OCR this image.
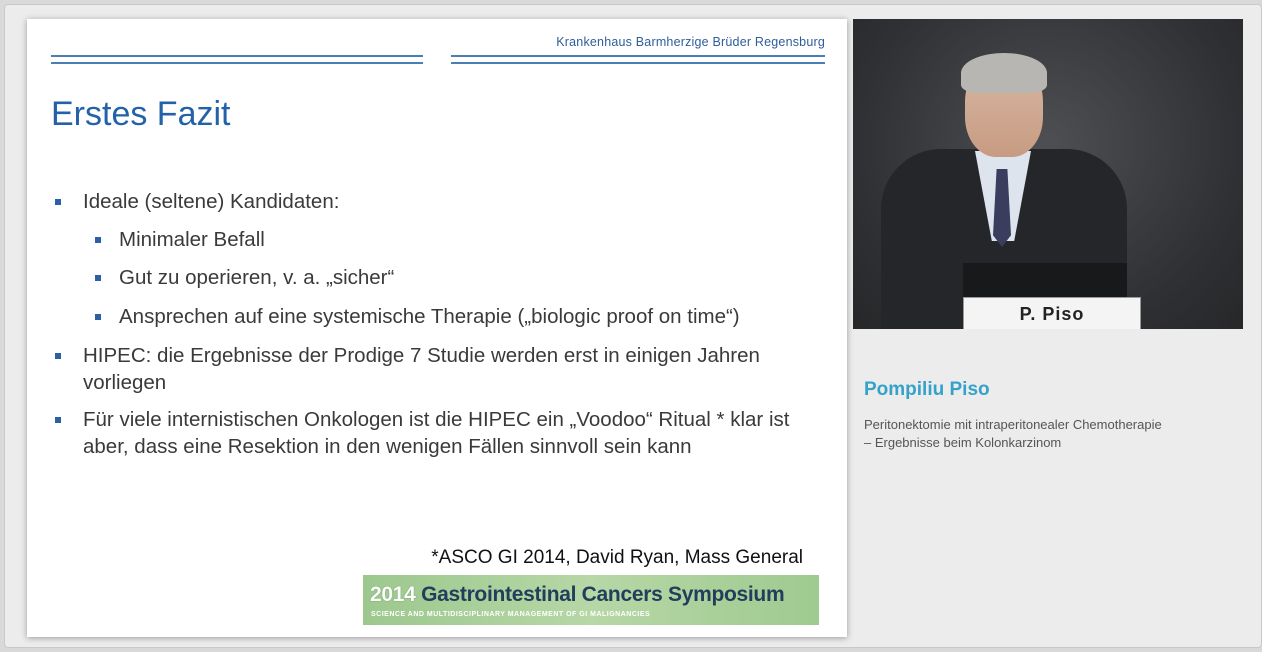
Krankenhaus Barmherzige Brüder Regensburg
Erstes Fazit
Ideale (seltene) Kandidaten:
Minimaler Befall
Gut zu operieren, v. a. „sicher“
Ansprechen auf eine systemische Therapie („biologic proof on time“)
HIPEC: die Ergebnisse der Prodige 7 Studie werden erst in einigen Jahren vorliegen
Für viele internistischen Onkologen ist die HIPEC ein „Voodoo“ Ritual * klar ist aber, dass eine Resektion in den wenigen Fällen sinnvoll sein kann
*ASCO GI 2014, David Ryan, Mass General
2014 Gastrointestinal Cancers Symposium
SCIENCE AND MULTIDISCIPLINARY MANAGEMENT OF GI MALIGNANCIES
P. Piso
Pompiliu Piso
Peritonektomie mit intraperitonealer Chemotherapie
– Ergebnisse beim Kolonkarzinom
